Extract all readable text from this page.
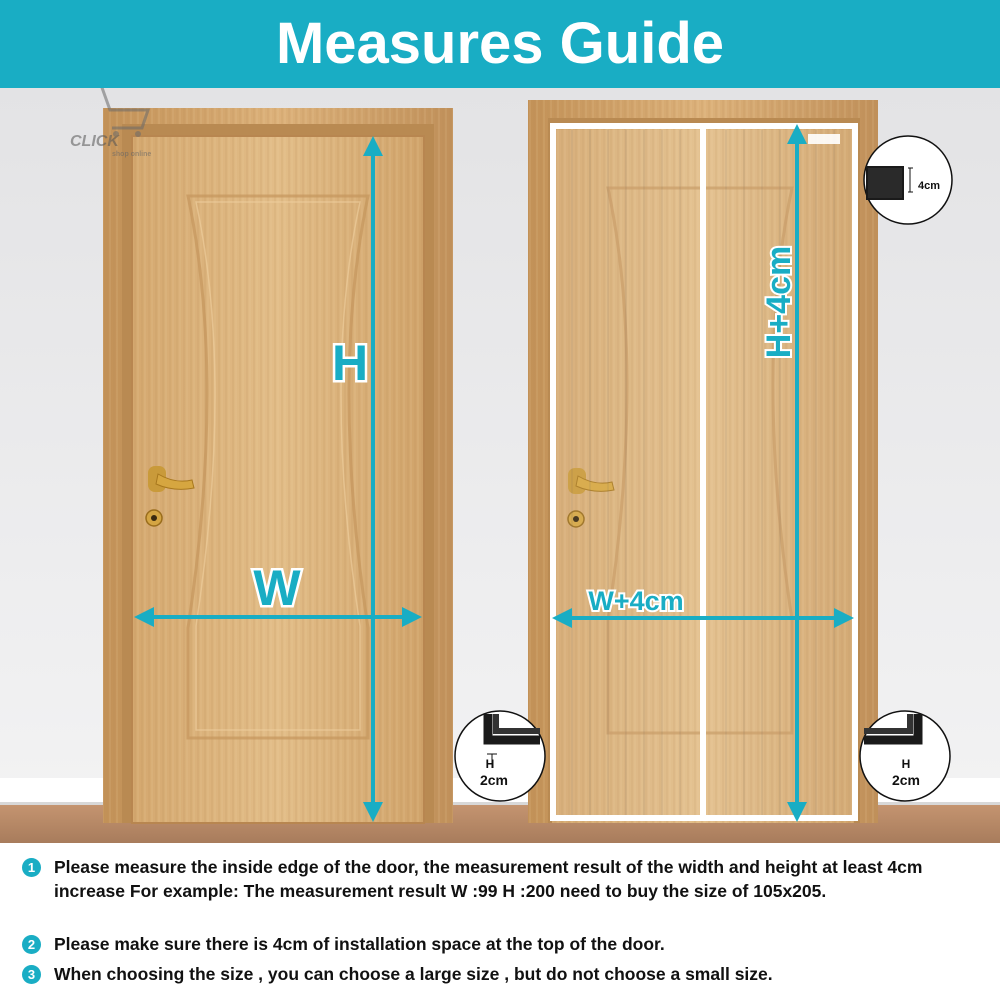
Measures Guide
H
W
H+4cm
W+4cm
4cm
H
2cm
H
2cm
CLICK
shop online
1	Please measure the inside edge of the door, the measurement result of the width and height at least 4cm increase For example: The measurement result W :99 H :200 need to buy the size of 105x205.
2	Please make sure there is 4cm of installation space at the top of the door.
3	When choosing the size , you can choose a large size , but do not choose a small size.
